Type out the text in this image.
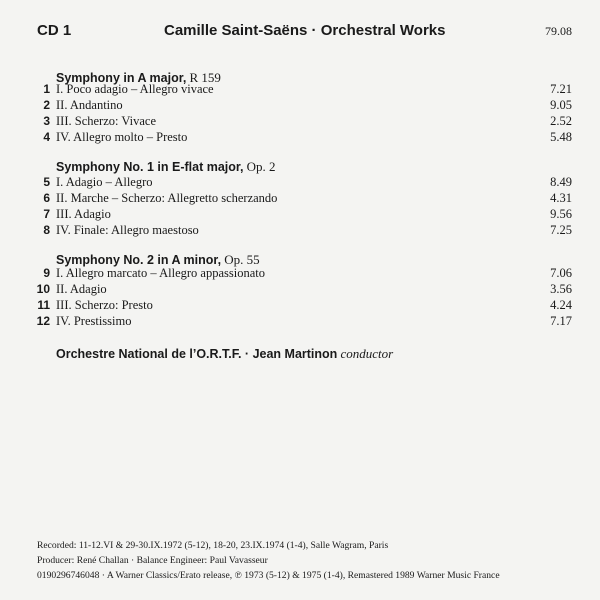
CD 1	Camille Saint-Saëns · Orchestral Works	79.08
Symphony in A major, R 159
1 I. Poco adagio – Allegro vivace	7.21
2 II. Andantino	9.05
3 III. Scherzo: Vivace	2.52
4 IV. Allegro molto – Presto	5.48
Symphony No. 1 in E-flat major, Op. 2
5 I. Adagio – Allegro	8.49
6 II. Marche – Scherzo: Allegretto scherzando	4.31
7 III. Adagio	9.56
8 IV. Finale: Allegro maestoso	7.25
Symphony No. 2 in A minor, Op. 55
9 I. Allegro marcato – Allegro appassionato	7.06
10 II. Adagio	3.56
11 III. Scherzo: Presto	4.24
12 IV. Prestissimo	7.17
Orchestre National de l’O.R.T.F. · Jean Martinon conductor
Recorded: 11-12.VI & 29-30.IX.1972 (5-12), 18-20, 23.IX.1974 (1-4), Salle Wagram, Paris
Producer: René Challan · Balance Engineer: Paul Vavasseur
0190296746048 · A Warner Classics/Erato release, ℗ 1973 (5-12) & 1975 (1-4), Remastered 1989 Warner Music France
